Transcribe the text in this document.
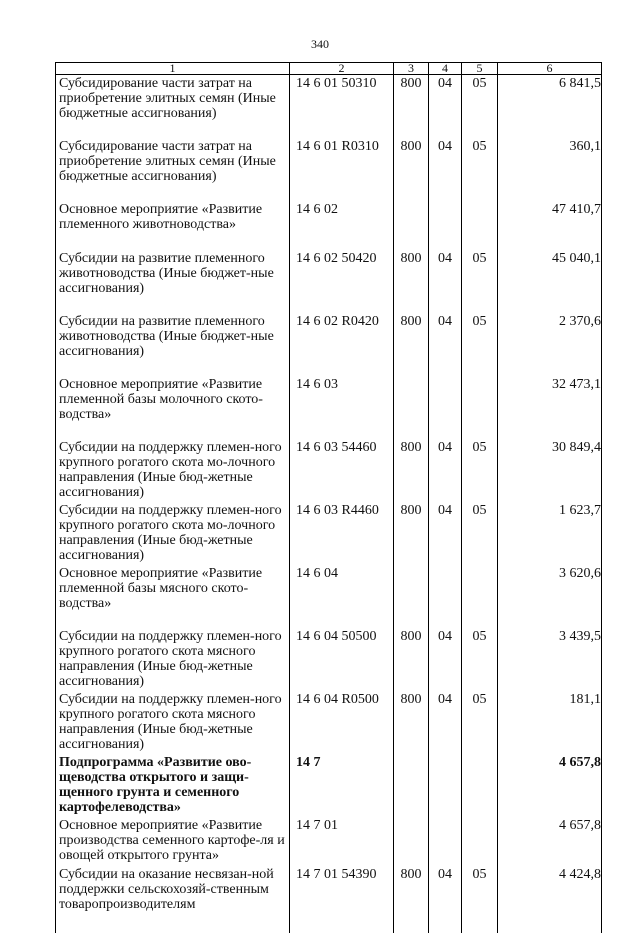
340
1	2	3	4	5	6
Субсидирование части затрат на приобретение элитных семян (Иные бюджетные ассигнования)	14 6 01 50310	800	04	05	6 841,5
Субсидирование части затрат на приобретение элитных семян (Иные бюджетные ассигнования)	14 6 01 R0310	800	04	05	360,1
Основное мероприятие «Развитие племенного животноводства»	14 6 02				47 410,7
Субсидии на развитие племенного животноводства (Иные бюджет-ные ассигнования)	14 6 02 50420	800	04	05	45 040,1
Субсидии на развитие племенного животноводства (Иные бюджет-ные ассигнования)	14 6 02 R0420	800	04	05	2 370,6
Основное мероприятие «Развитие племенной базы молочного ското-водства»	14 6 03				32 473,1
Субсидии на поддержку племен-ного крупного рогатого скота мо-лочного направления (Иные бюд-жетные ассигнования)	14 6 03 54460	800	04	05	30 849,4
Субсидии на поддержку племен-ного крупного рогатого скота мо-лочного направления (Иные бюд-жетные ассигнования)	14 6 03 R4460	800	04	05	1 623,7
Основное мероприятие «Развитие племенной базы мясного ското-водства»	14 6 04				3 620,6
Субсидии на поддержку племен-ного крупного рогатого скота мясного направления (Иные бюд-жетные ассигнования)	14 6 04 50500	800	04	05	3 439,5
Субсидии на поддержку племен-ного крупного рогатого скота мясного направления (Иные бюд-жетные ассигнования)	14 6 04 R0500	800	04	05	181,1
Подпрограмма «Развитие ово-щеводства открытого и защи-щенного грунта и семенного картофелеводства»	14 7				4 657,8
Основное мероприятие «Развитие производства семенного картофе-ля и овощей открытого грунта»	14 7 01				4 657,8
Субсидии на оказание несвязан-ной поддержки сельскохозяй-ственным товаропроизводителям	14 7 01 54390	800	04	05	4 424,8
